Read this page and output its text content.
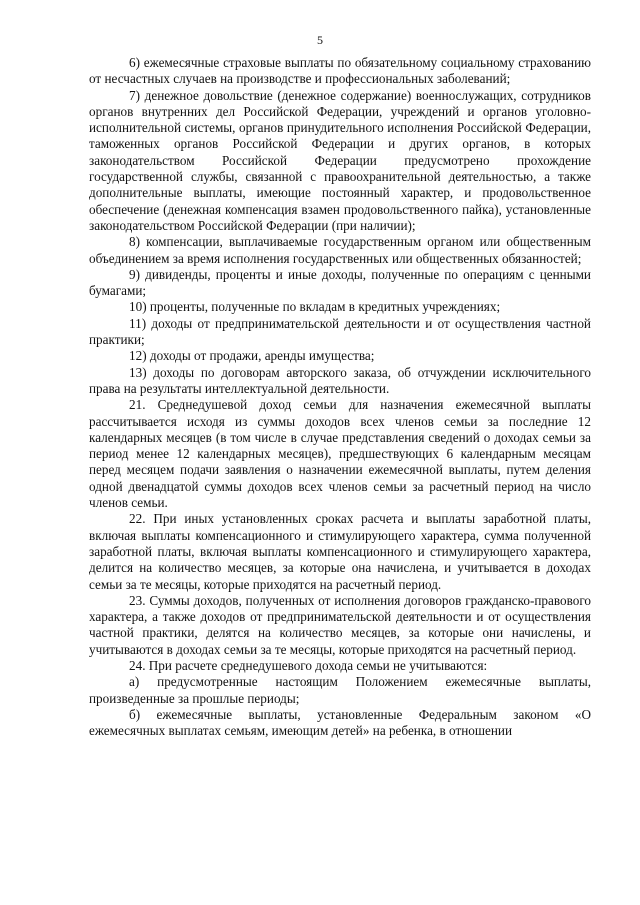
5

6) ежемесячные страховые выплаты по обязательному социальному страхованию от несчастных случаев на производстве и профессиональных заболеваний;

7) денежное довольствие (денежное содержание) военнослужащих, сотрудников органов внутренних дел Российской Федерации, учреждений и органов уголовно-исполнительной системы, органов принудительного исполнения Российской Федерации, таможенных органов Российской Федерации и других органов, в которых законодательством Российской Федерации предусмотрено прохождение государственной службы, связанной с правоохранительной деятельностью, а также дополнительные выплаты, имеющие постоянный характер, и продовольственное обеспечение (денежная компенсация взамен продовольственного пайка), установленные законодательством Российской Федерации (при наличии);

8) компенсации, выплачиваемые государственным органом или общественным объединением за время исполнения государственных или общественных обязанностей;

9) дивиденды, проценты и иные доходы, полученные по операциям с ценными бумагами;

10) проценты, полученные по вкладам в кредитных учреждениях;

11) доходы от предпринимательской деятельности и от осуществления частной практики;

12) доходы от продажи, аренды имущества;

13) доходы по договорам авторского заказа, об отчуждении исключительного права на результаты интеллектуальной деятельности.

21. Среднедушевой доход семьи для назначения ежемесячной выплаты рассчитывается исходя из суммы доходов всех членов семьи за последние 12 календарных месяцев (в том числе в случае представления сведений о доходах семьи за период менее 12 календарных месяцев), предшествующих 6 календарным месяцам перед месяцем подачи заявления о назначении ежемесячной выплаты, путем деления одной двенадцатой суммы доходов всех членов семьи за расчетный период на число членов семьи.

22. При иных установленных сроках расчета и выплаты заработной платы, включая выплаты компенсационного и стимулирующего характера, сумма полученной заработной платы, включая выплаты компенсационного и стимулирующего характера, делится на количество месяцев, за которые она начислена, и учитывается в доходах семьи за те месяцы, которые приходятся на расчетный период.

23. Суммы доходов, полученных от исполнения договоров гражданско-правового характера, а также доходов от предпринимательской деятельности и от осуществления частной практики, делятся на количество месяцев, за которые они начислены, и учитываются в доходах семьи за те месяцы, которые приходятся на расчетный период.

24. При расчете среднедушевого дохода семьи не учитываются:

а) предусмотренные настоящим Положением ежемесячные выплаты, произведенные за прошлые периоды;

б) ежемесячные выплаты, установленные Федеральным законом «О ежемесячных выплатах семьям, имеющим детей» на ребенка, в отношении
